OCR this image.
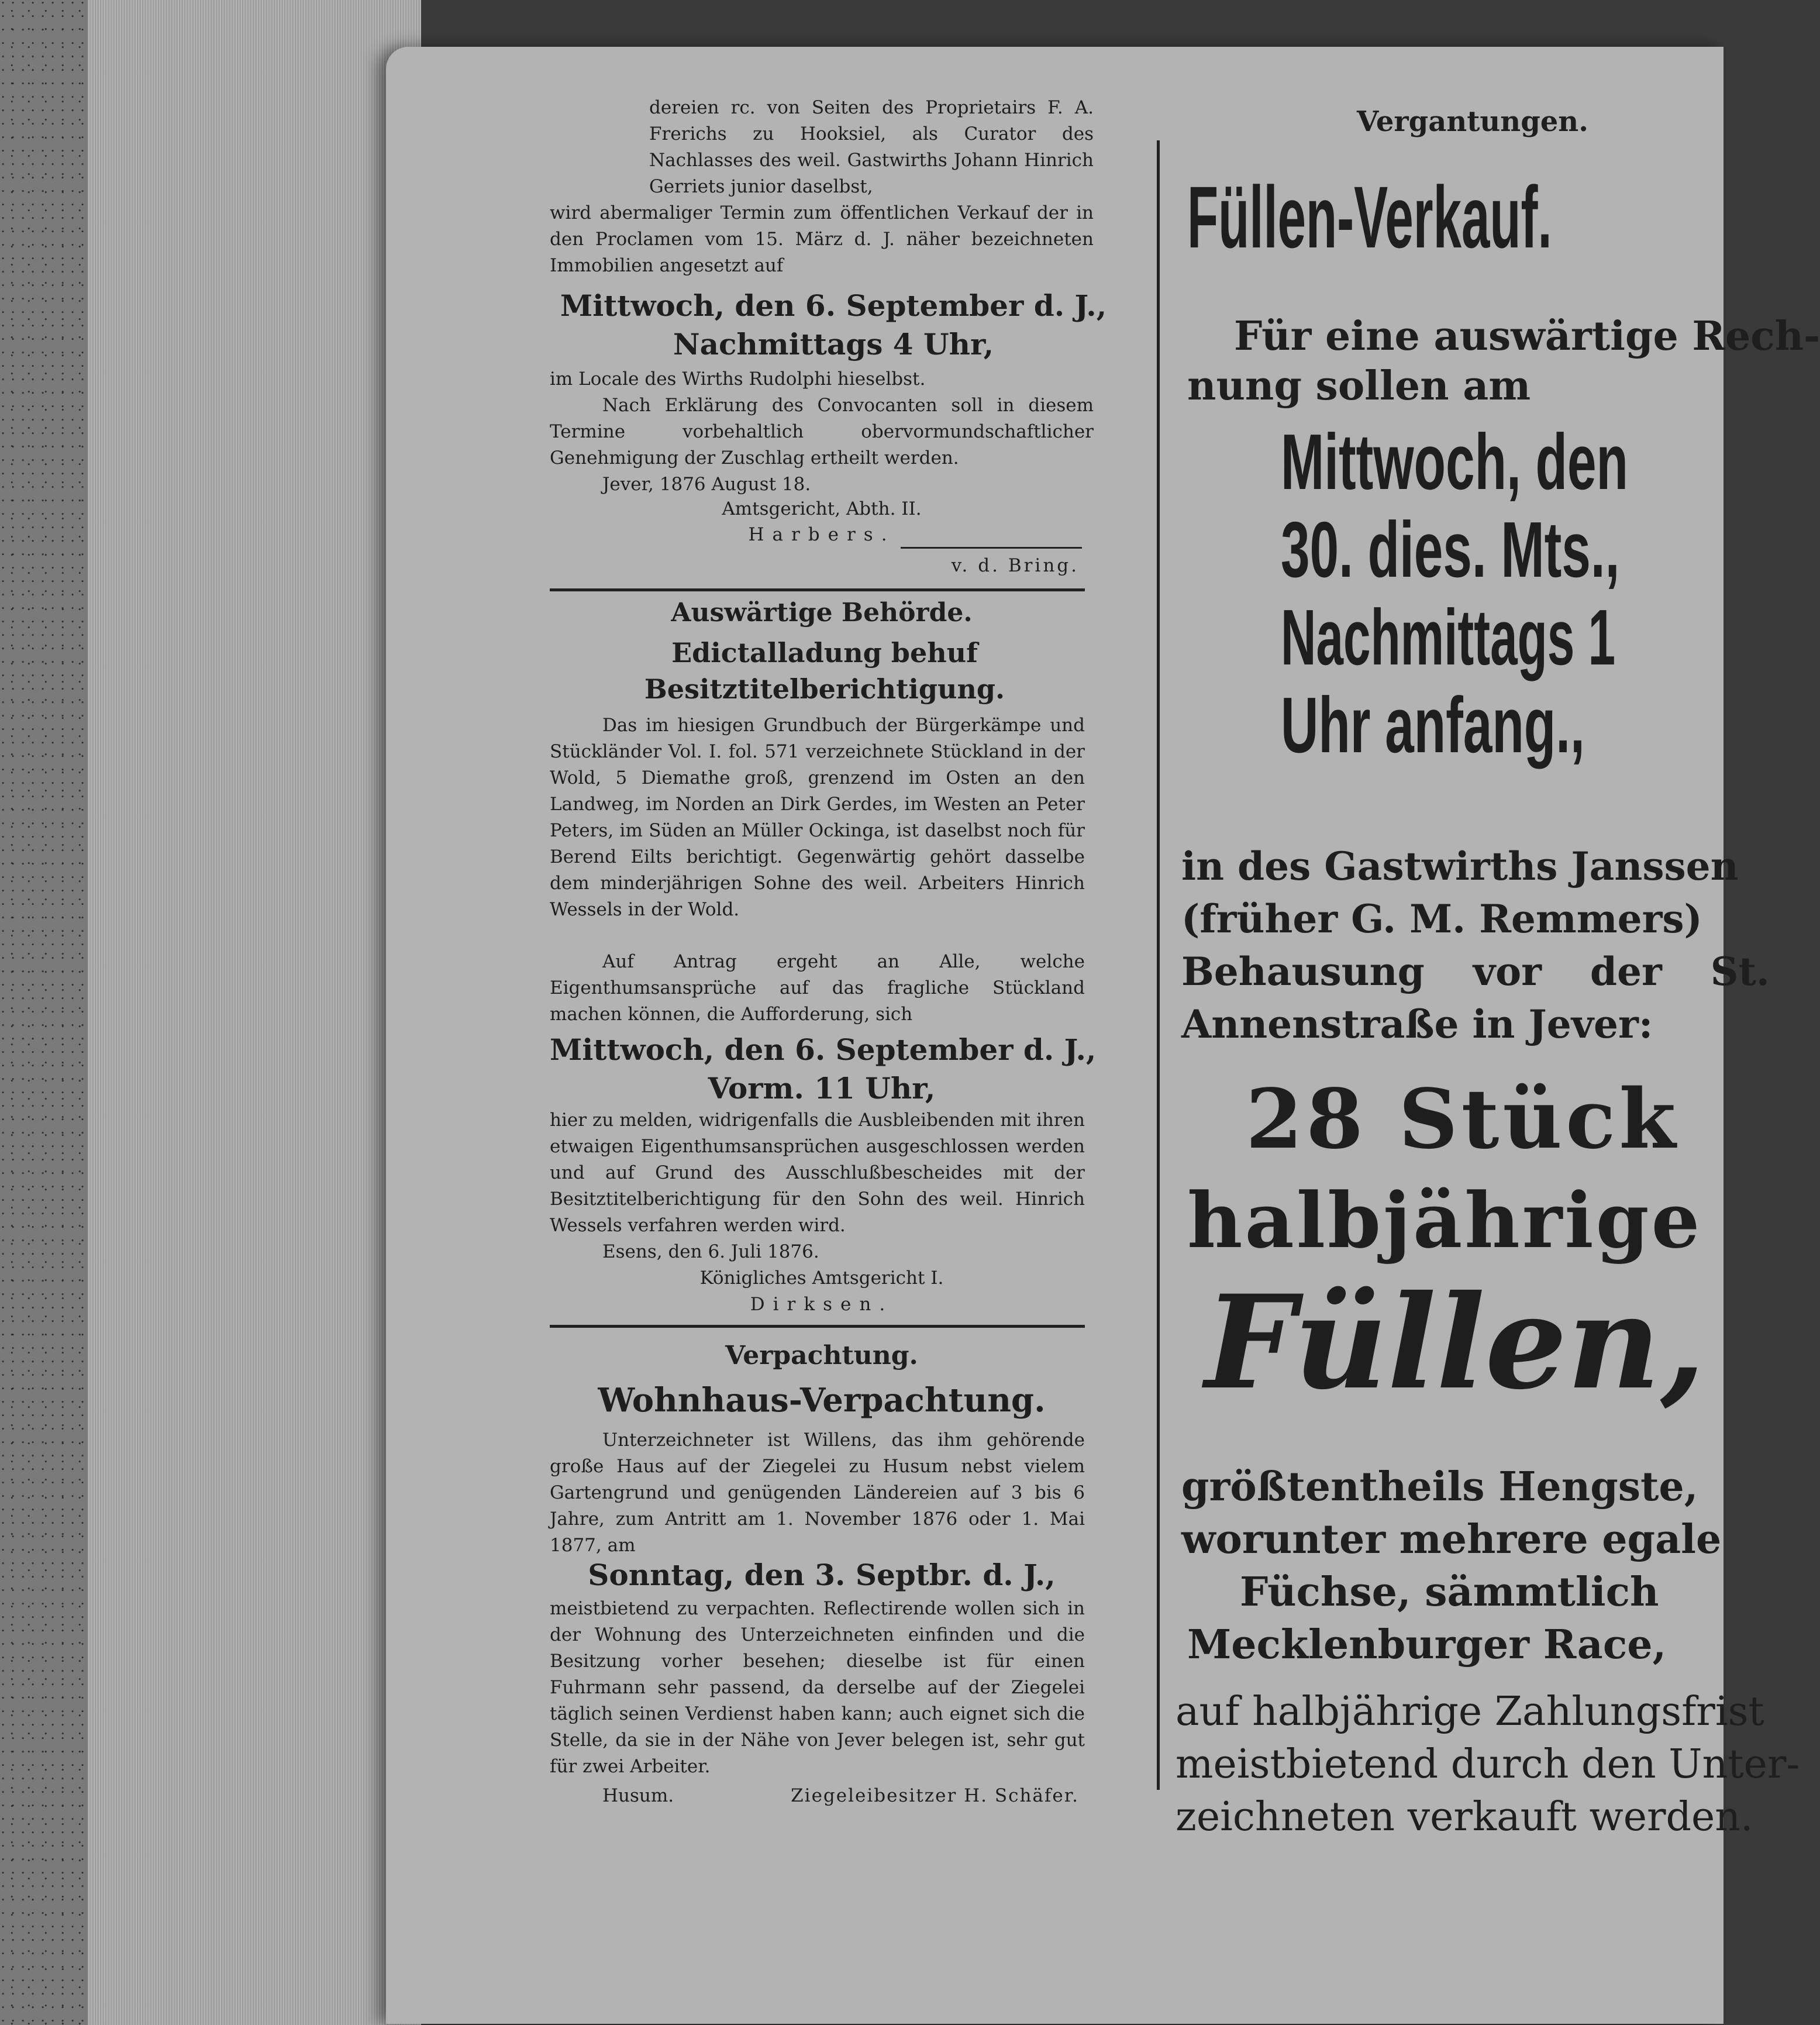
dereien rc. von Seiten des Proprietairs F. A. Frerichs zu Hooksiel, als Curator des Nachlasses des weil. Gastwirths Johann Hinrich Gerriets junior daselbst,

wird abermaliger Termin zum öffentlichen Verkauf der in den Proclamen vom 15. März d. J. näher bezeichneten Immobilien angesetzt auf

Mittwoch, den 6. September d. J.,

Nachmittags 4 Uhr,

im Locale des Wirths Rudolphi hieselbst.

Nach Erklärung des Convocanten soll in diesem Termine vorbehaltlich obervormundschaftlicher Genehmigung der Zuschlag ertheilt werden.

Jever, 1876 August 18.

Amtsgericht, Abth. II.

Harbers.

v. d. Bring.

Auswärtige Behörde.

Edictalladung behuf Besitztitelberichtigung.

Das im hiesigen Grundbuch der Bürgerkämpe und Stückländer Vol. I. fol. 571 verzeichnete Stückland in der Wold, 5 Diemathe groß, grenzend im Osten an den Landweg, im Norden an Dirk Gerdes, im Westen an Peter Peters, im Süden an Müller Ockinga, ist daselbst noch für Berend Eilts berichtigt. Gegenwärtig gehört dasselbe dem minderjährigen Sohne des weil. Arbeiters Hinrich Wessels in der Wold.

Auf Antrag ergeht an Alle, welche Eigenthumsansprüche auf das fragliche Stückland machen können, die Aufforderung, sich

Mittwoch, den 6. September d. J.,

Vorm. 11 Uhr,

hier zu melden, widrigenfalls die Ausbleibenden mit ihren etwaigen Eigenthumsansprüchen ausgeschlossen werden und auf Grund des Ausschlußbescheides mit der Besitztitelberichtigung für den Sohn des weil. Hinrich Wessels verfahren werden wird.

Esens, den 6. Juli 1876.

Königliches Amtsgericht I.

Dirksen.

Verpachtung.

Wohnhaus-Verpachtung.

Unterzeichneter ist Willens, das ihm gehörende große Haus auf der Ziegelei zu Husum nebst vielem Gartengrund und genügenden Ländereien auf 3 bis 6 Jahre, zum Antritt am 1. November 1876 oder 1. Mai 1877, am

Sonntag, den 3. Septbr. d. J.,

meistbietend zu verpachten. Reflectirende wollen sich in der Wohnung des Unterzeichneten einfinden und die Besitzung vorher besehen; dieselbe ist für einen Fuhrmann sehr passend, da derselbe auf der Ziegelei täglich seinen Verdienst haben kann; auch eignet sich die Stelle, da sie in der Nähe von Jever belegen ist, sehr gut für zwei Arbeiter.

Husum.	Ziegeleibesitzer H. Schäfer.

Vergantungen.

Füllen-Verkauf.

Für eine auswärtige Rech-

nung sollen am

Mittwoch, den

30. dies. Mts.,

Nachmittags 1

Uhr anfang.,

in des Gastwirths Janssen

(früher G. M. Remmers)

Behausung vor der St.

Annenstraße in Jever:

28 Stück

halbjährige

Füllen,

größtentheils Hengste,

worunter mehrere egale

Füchse, sämmtlich

Mecklenburger Race,

auf halbjährige Zahlungsfrist

meistbietend durch den Unter-

zeichneten verkauft werden.
